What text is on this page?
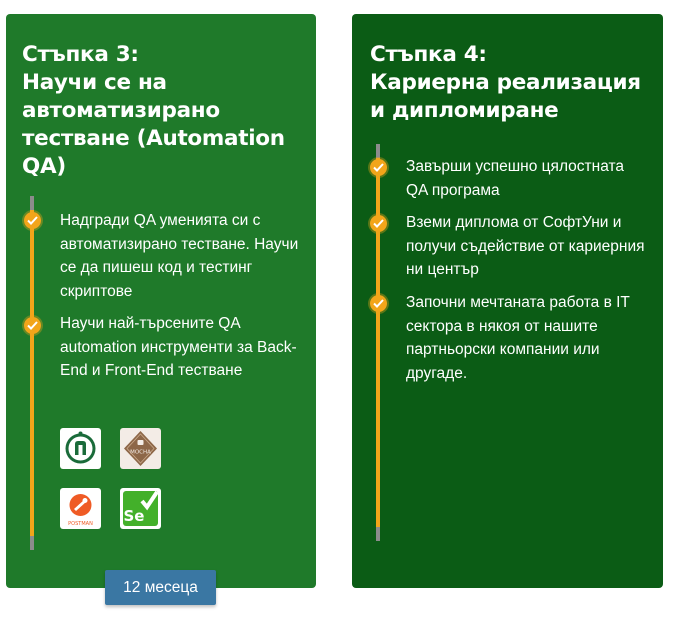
Стъпка 3:
Научи се на автоматизирано тестване (Automation QA)
Надгради QA уменията си с автоматизирано тестване. Научи се да пишеш код и тестинг скриптове
Научи най-търсените QA automation инструменти за Back-End и Front-End тестване
MOCHA
POSTMAN Se
Стъпка 4:
Кариерна реализация и дипломиране
Завърши успешно цялостната QA програма
Вземи диплома от СофтУни и получи съдействие от кариерния ни център
Започни мечтаната работа в IT сектора в някоя от нашите партньорски компании или другаде.
12 месеца
